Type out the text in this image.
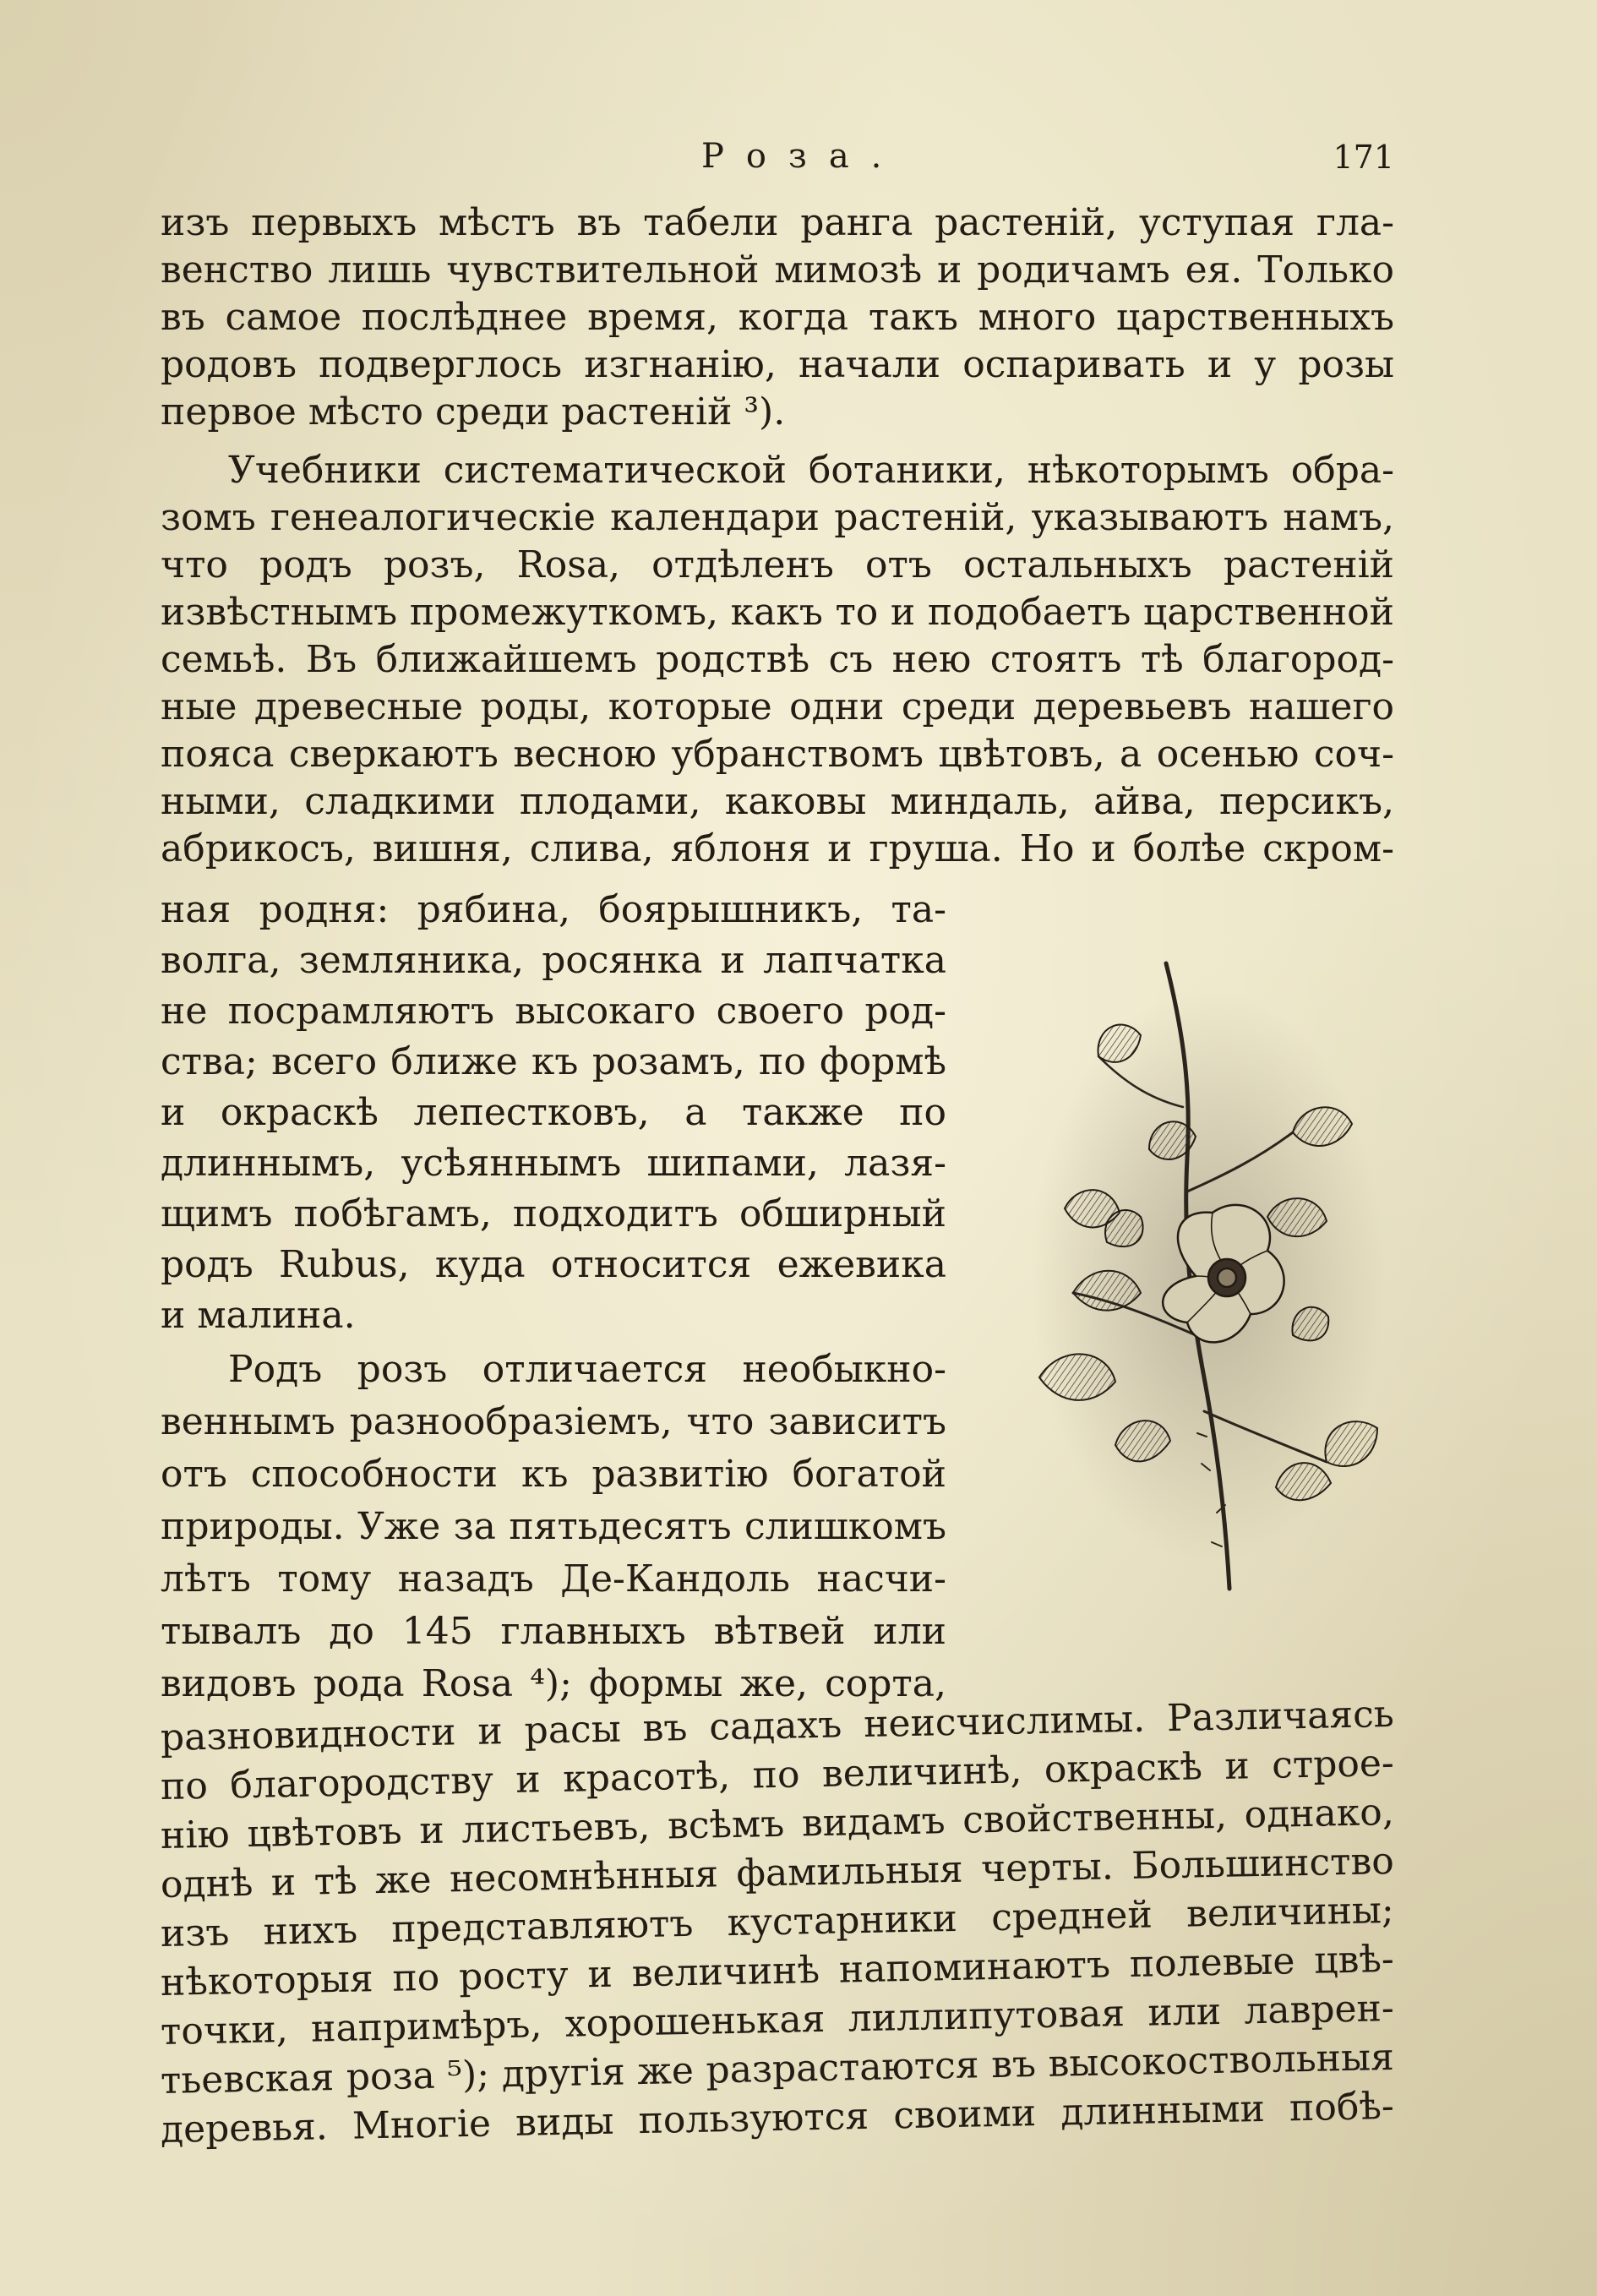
Роза.	171
изъ первыхъ мѣстъ въ табели ранга растеній, уступая гла-
венство лишь чувствительной мимозѣ и родичамъ ея. Только
въ самое послѣднее время, когда такъ много царственныхъ
родовъ подверглось изгнанію, начали оспаривать и у розы
первое мѣсто среди растеній ³).
Учебники систематической ботаники, нѣкоторымъ обра-
зомъ генеалогическіе календари растеній, указываютъ намъ,
что родъ розъ, Rosa, отдѣленъ отъ остальныхъ растеній
извѣстнымъ промежуткомъ, какъ то и подобаетъ царственной
семьѣ. Въ ближайшемъ родствѣ съ нею стоятъ тѣ благород-
ные древесные роды, которые одни среди деревьевъ нашего
пояса сверкаютъ весною убранствомъ цвѣтовъ, а осенью соч-
ными, сладкими плодами, каковы миндаль, айва, персикъ,
абрикосъ, вишня, слива, яблоня и груша. Но и болѣе скром-
ная родня: рябина, боярышникъ, та-
волга, земляника, росянка и лапчатка
не посрамляютъ высокаго своего род-
ства; всего ближе къ розамъ, по формѣ
и окраскѣ лепестковъ, а также по
длиннымъ, усѣяннымъ шипами, лазя-
щимъ побѣгамъ, подходитъ обширный
родъ Rubus, куда относится ежевика
и малина.
Родъ розъ отличается необыкно-
веннымъ разнообразіемъ, что зависитъ
отъ способности къ развитію богатой
природы. Уже за пятьдесятъ слишкомъ
лѣтъ тому назадъ Де-Кандоль насчи-
тывалъ до 145 главныхъ вѣтвей или
видовъ рода Rosa ⁴); формы же, сорта,
разновидности и расы въ садахъ неисчислимы. Различаясь
по благородству и красотѣ, по величинѣ, окраскѣ и строе-
нію цвѣтовъ и листьевъ, всѣмъ видамъ свойственны, однако,
однѣ и тѣ же несомнѣнныя фамильныя черты. Большинство
изъ нихъ представляютъ кустарники средней величины;
нѣкоторыя по росту и величинѣ напоминаютъ полевые цвѣ-
точки, напримѣръ, хорошенькая лиллипутовая или лаврен-
тьевская роза ⁵); другія же разрастаются въ высокоствольныя
деревья. Многіе виды пользуются своими длинными побѣ-
